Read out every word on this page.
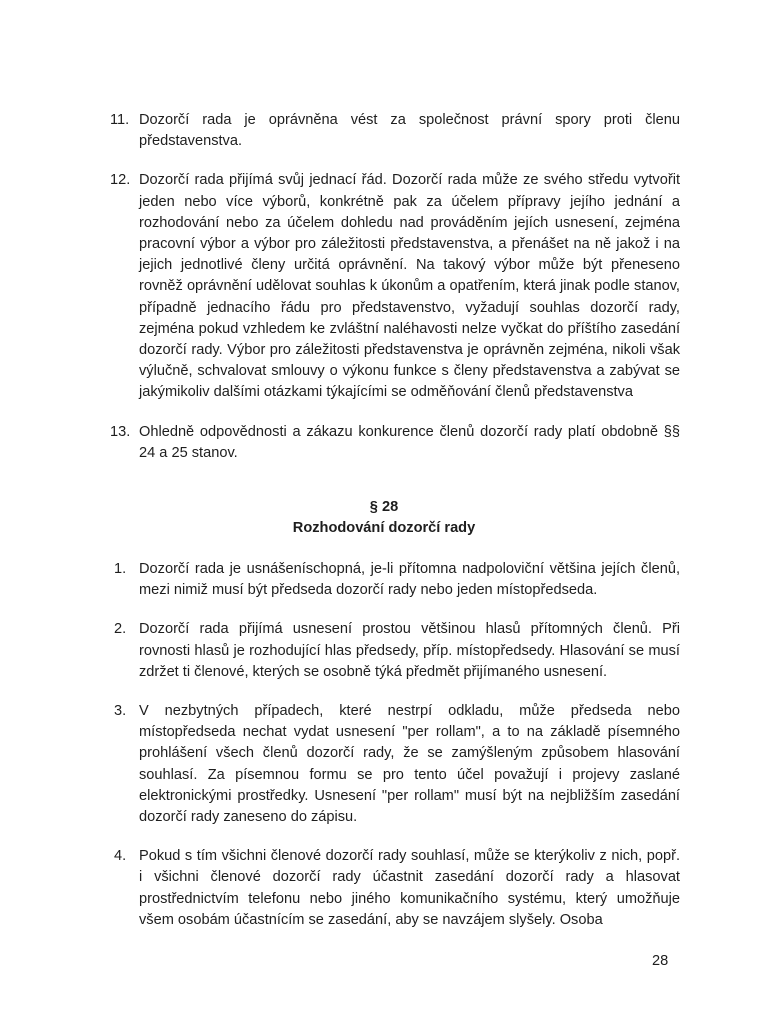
11. Dozorčí rada je oprávněna vést za společnost právní spory proti členu představenstva.
12. Dozorčí rada přijímá svůj jednací řád. Dozorčí rada může ze svého středu vytvořit jeden nebo více výborů, konkrétně pak za účelem přípravy jejího jednání a rozhodování nebo za účelem dohledu nad prováděním jejích usnesení, zejména pracovní výbor a výbor pro záležitosti představenstva, a přenášet na ně jakož i na jejich jednotlivé členy určitá oprávnění. Na takový výbor může být přeneseno rovněž oprávnění udělovat souhlas k úkonům a opatřením, která jinak podle stanov, případně jednacího řádu pro představenstvo, vyžadují souhlas dozorčí rady, zejména pokud vzhledem ke zvláštní naléhavosti nelze vyčkat do příštího zasedání dozorčí rady. Výbor pro záležitosti představenstva je oprávněn zejména, nikoli však výlučně, schvalovat smlouvy o výkonu funkce s členy představenstva a zabývat se jakýmikoliv dalšími otázkami týkajícími se odměňování členů představenstva
13. Ohledně odpovědnosti a zákazu konkurence členů dozorčí rady platí obdobně §§ 24 a 25 stanov.
§ 28
Rozhodování dozorčí rady
1. Dozorčí rada je usnášeníschopná, je-li přítomna nadpoloviční většina jejích členů, mezi nimiž musí být předseda dozorčí rady nebo jeden místopředseda.
2. Dozorčí rada přijímá usnesení prostou většinou hlasů přítomných členů. Při rovnosti hlasů je rozhodující hlas předsedy, příp. místopředsedy. Hlasování se musí zdržet ti členové, kterých se osobně týká předmět přijímaného usnesení.
3. V nezbytných případech, které nestrpí odkladu, může předseda nebo místopředseda nechat vydat usnesení "per rollam", a to na základě písemného prohlášení všech členů dozorčí rady, že se zamýšleným způsobem hlasování souhlasí. Za písemnou formu se pro tento účel považují i projevy zaslané elektronickými prostředky. Usnesení "per rollam" musí být na nejbližším zasedání dozorčí rady zaneseno do zápisu.
4. Pokud s tím všichni členové dozorčí rady souhlasí, může se kterýkoliv z nich, popř. i všichni členové dozorčí rady účastnit zasedání dozorčí rady a hlasovat prostřednictvím telefonu nebo jiného komunikačního systému, který umožňuje všem osobám účastnícím se zasedání, aby se navzájem slyšely. Osoba
28
